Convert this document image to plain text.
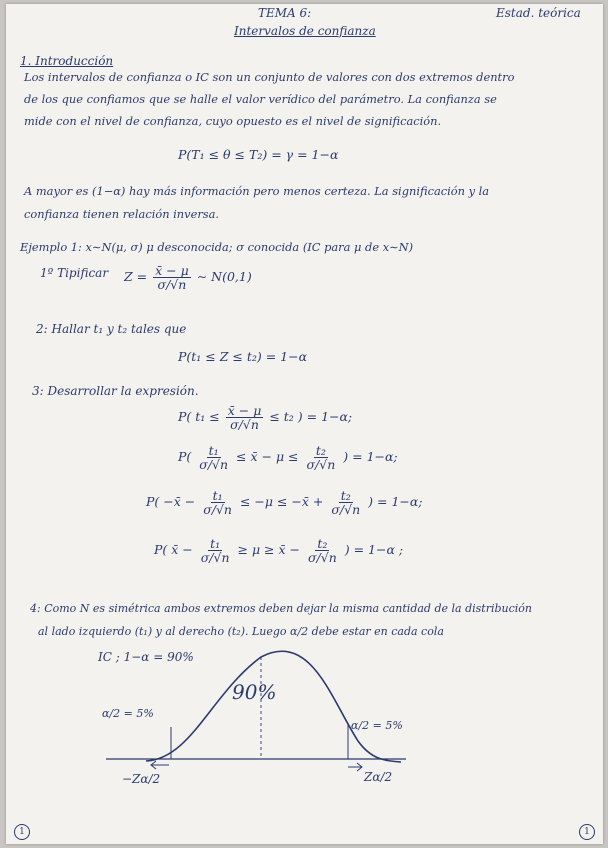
TEMA 6:	Estad. teórica
Intervalos de confianza
1. Introducción
Los intervalos de confianza o IC son un conjunto de valores con dos extremos dentro
de los que confiamos que se halle el valor verídico del parámetro. La confianza se
mide con el nivel de confianza, cuyo opuesto es el nivel de significación.
P(T₁ ≤ θ ≤ T₂) = γ = 1−α
A mayor es (1−α) hay más información pero menos certeza. La significación y la
confianza tienen relación inversa.
Ejemplo 1: x∼N(μ, σ) μ desconocida; σ conocida (IC para μ de x∼N)
1º Tipificar $Z = \frac{x̄ - \mu}{\sigma/√n}$ ∼ N(0,1)
2: Hallar t₁ y t₂ tales que
P(t₁ ≤ Z ≤ t₂) = 1−α
3: Desarrollar la expresión.
P( $t_1 \le \frac{x̄ - \mu}{\sigma/√n} \le t_2$ ) = 1−α;
$P( \frac{\text{t₁}}{\sigma/√n}$ ≤ x̄ − $\mu \le \frac{\text{t₂}}{\sigma/√n}$ ) = 1−α;
P( −x̄ − $\frac{\text{t₁}}{\sigma/√n} \le -\mu$ ≤ −x̄ + $\frac{\text{t₂}}{\sigma/√n}$ ) = 1−α;
P( x̄ − $\frac{\text{t₁}}{\sigma/√n} \ge \mu$ ≥ x̄ − $\frac{\text{t₂}}{\sigma/√n}$ ) = 1−α ;
4: Como N es simétrica ambos extremos deben dejar la misma cantidad de la distribución
al lado izquierdo (t₁) y al derecho (t₂). Luego α/2 debe estar en cada cola
IC ; 1−α = 90%
90%
α/2 = 5%
α/2 = 5%
−Zα/2	Zα/2
1	1
